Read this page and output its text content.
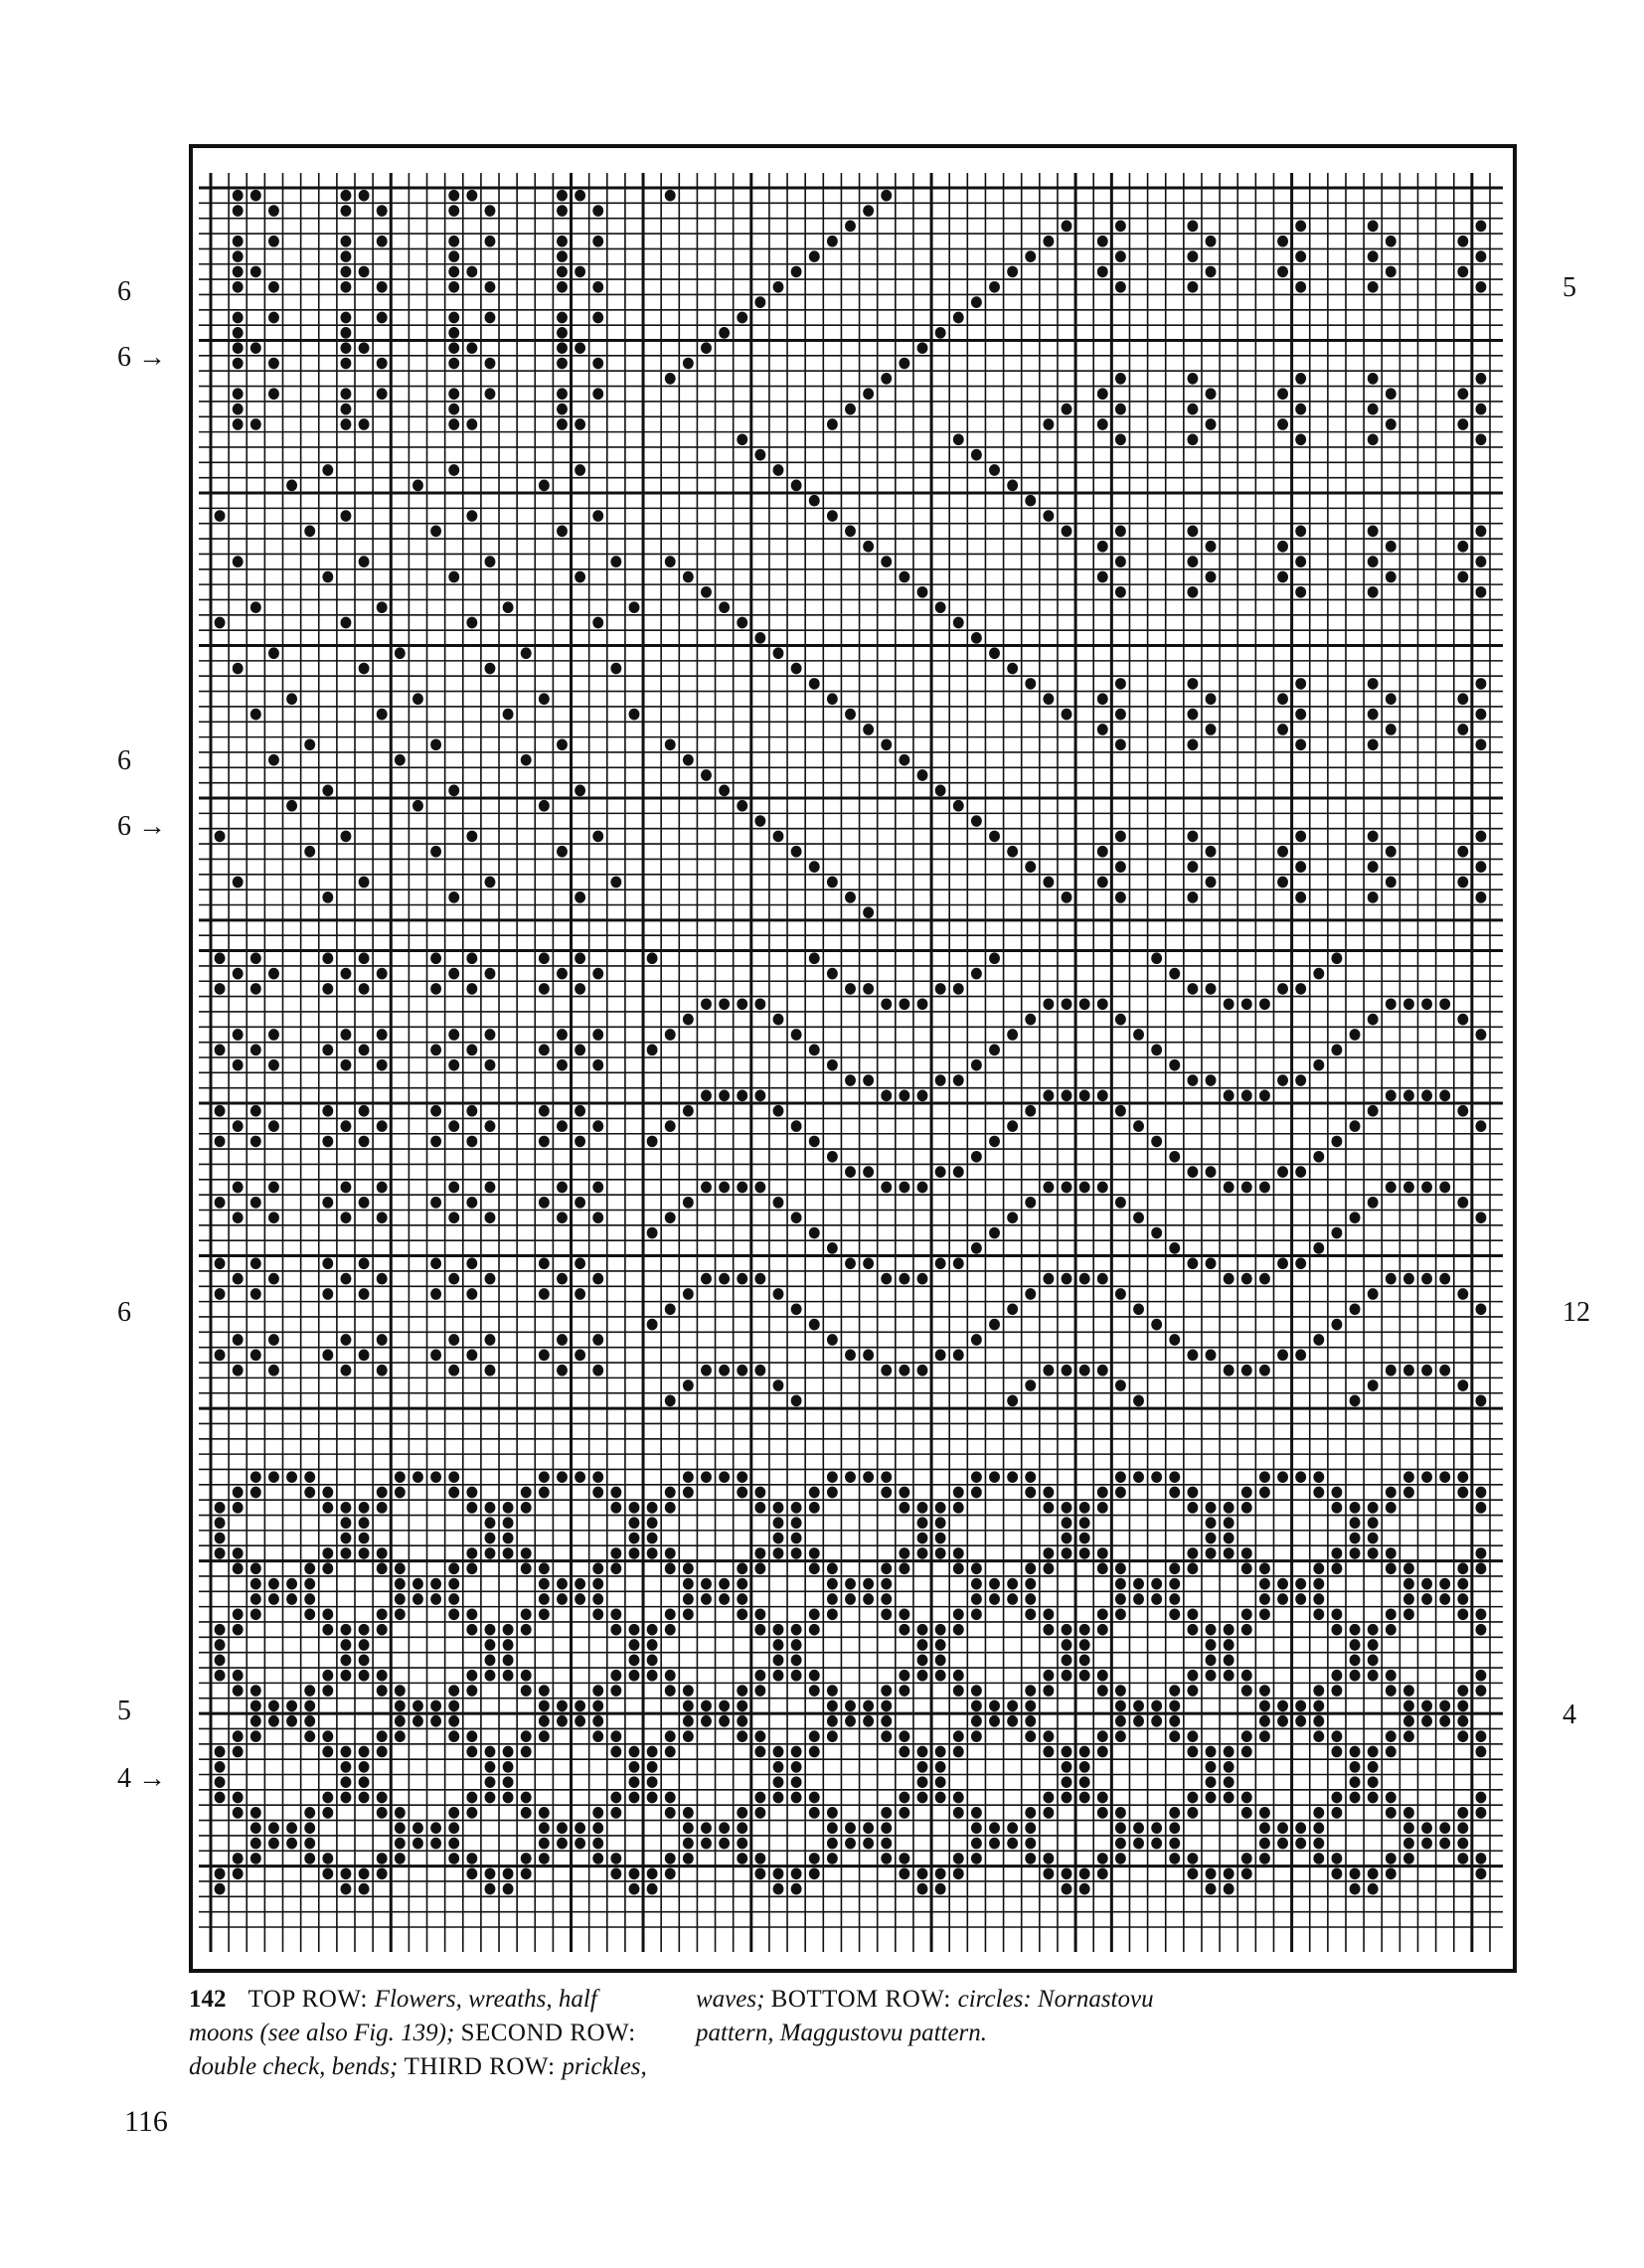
6
6 →
6
6 →
6
5
4 →
5
12
4
142 TOP ROW: Flowers, wreaths, half moons (see also Fig. 139); SECOND ROW: double check, bends; THIRD ROW: prickles,
waves; BOTTOM ROW: circles: Nornastovu pattern, Maggustovu pattern.
116
